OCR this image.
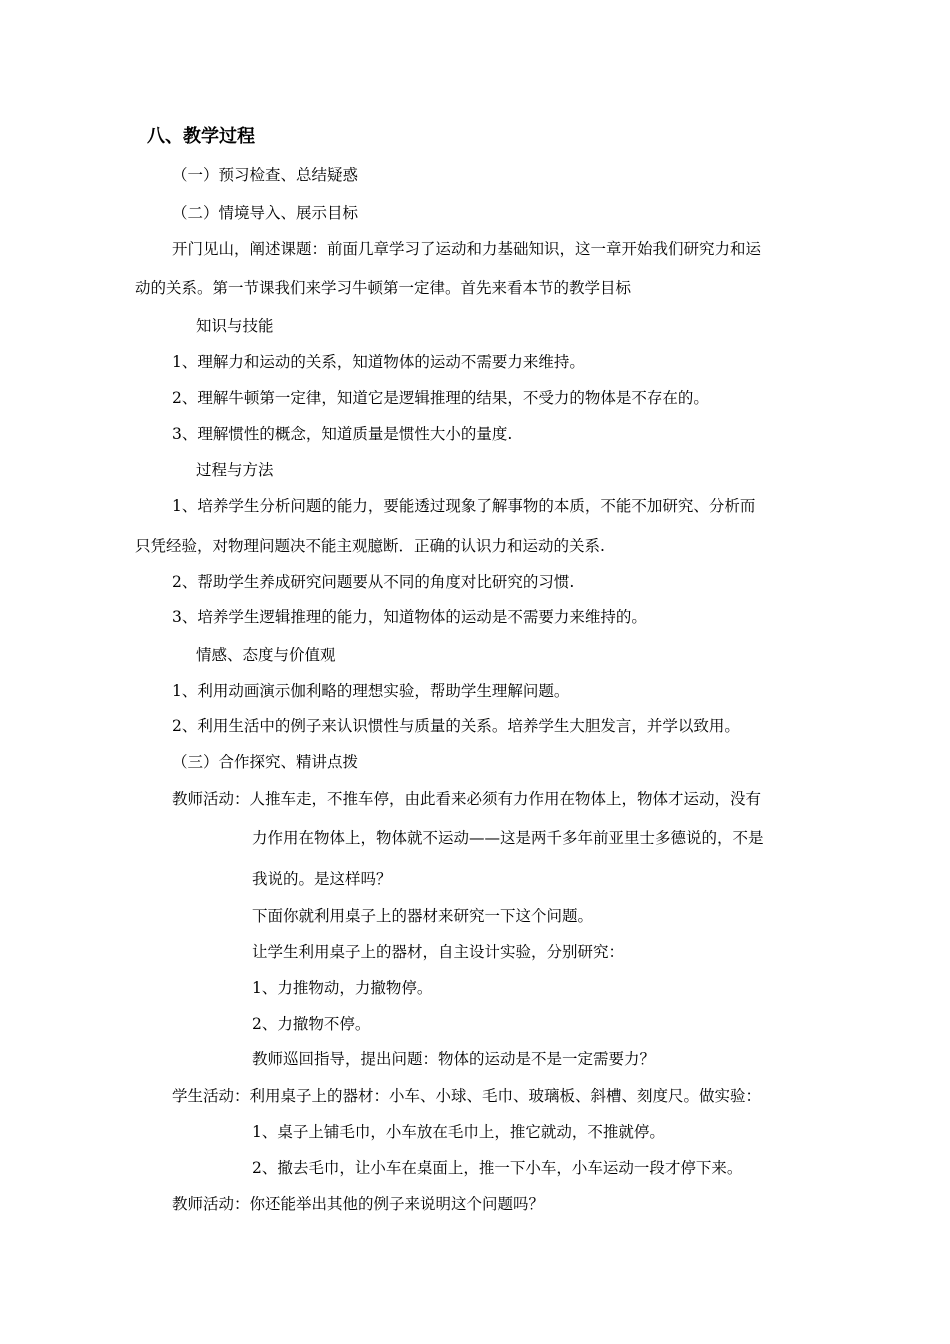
八、教学过程
（一）预习检查、总结疑惑
（二）情境导入、展示目标
开门见山，阐述课题：前面几章学习了运动和力基础知识，这一章开始我们研究力和运
动的关系。第一节课我们来学习牛顿第一定律。首先来看本节的教学目标
知识与技能
1、理解力和运动的关系，知道物体的运动不需要力来维持。
2、理解牛顿第一定律，知道它是逻辑推理的结果，不受力的物体是不存在的。
3、理解惯性的概念，知道质量是惯性大小的量度.
过程与方法
1、培养学生分析问题的能力，要能透过现象了解事物的本质，不能不加研究、分析而
只凭经验，对物理问题决不能主观臆断．正确的认识力和运动的关系.
2、帮助学生养成研究问题要从不同的角度对比研究的习惯.
3、培养学生逻辑推理的能力，知道物体的运动是不需要力来维持的。
情感、态度与价值观
1、利用动画演示伽利略的理想实验，帮助学生理解问题。
2、利用生活中的例子来认识惯性与质量的关系。培养学生大胆发言，并学以致用。
（三）合作探究、精讲点拨
教师活动：人推车走，不推车停，由此看来必须有力作用在物体上，物体才运动，没有
力作用在物体上，物体就不运动——这是两千多年前亚里士多德说的，不是
我说的。是这样吗？
下面你就利用桌子上的器材来研究一下这个问题。
让学生利用桌子上的器材，自主设计实验，分别研究：
1、力推物动，力撤物停。
2、力撤物不停。
教师巡回指导，提出问题：物体的运动是不是一定需要力？
学生活动：利用桌子上的器材：小车、小球、毛巾、玻璃板、斜槽、刻度尺。做实验：
1、桌子上铺毛巾，小车放在毛巾上，推它就动，不推就停。
2、撤去毛巾，让小车在桌面上，推一下小车，小车运动一段才停下来。
教师活动：你还能举出其他的例子来说明这个问题吗？
